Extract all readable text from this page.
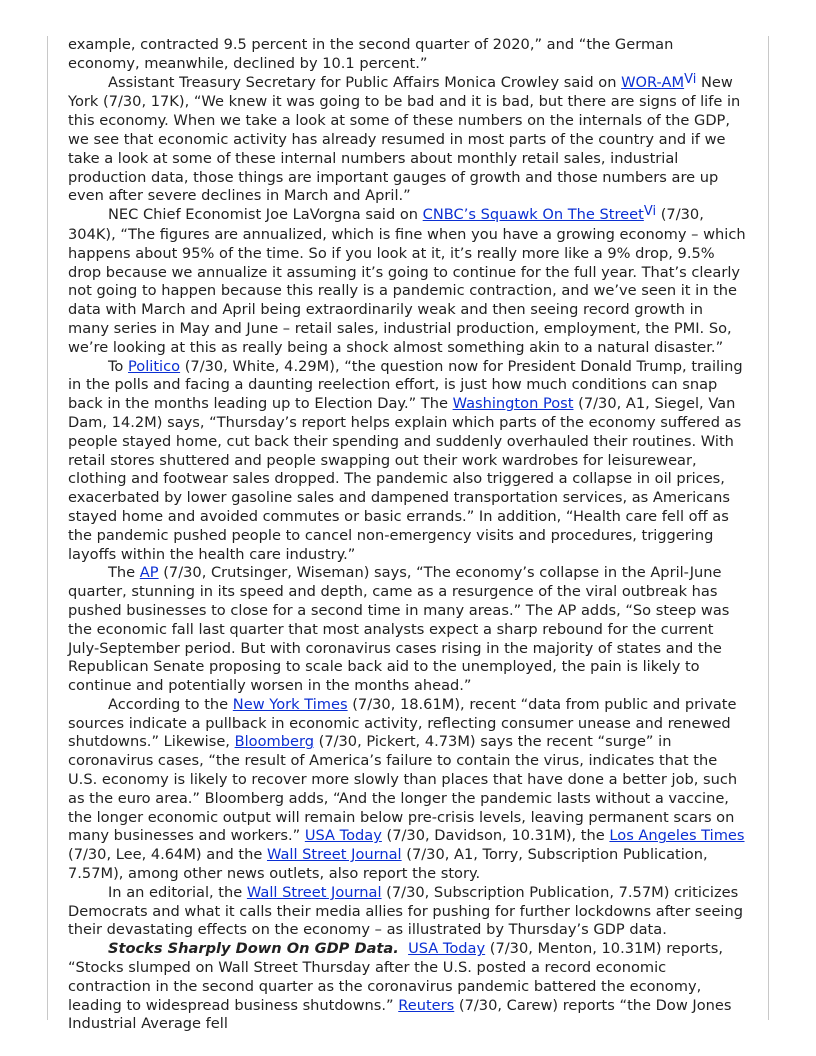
example, contracted 9.5 percent in the second quarter of 2020,” and “the German economy, meanwhile, declined by 10.1 percent.”

Assistant Treasury Secretary for Public Affairs Monica Crowley said on WOR-$AM^{Vi}$ New York (7/30, 17K), “We knew it was going to be bad and it is bad, but there are signs of life in this economy. When we take a look at some of these numbers on the internals of the GDP, we see that economic activity has already resumed in most parts of the country and if we take a look at some of these internal numbers about monthly retail sales, industrial production data, those things are important gauges of growth and those numbers are up even after severe declines in March and April.”

NEC Chief Economist Joe LaVorgna said on CNBC’s Squawk On The Street$^{Vi}$ (7/30, 304K), “The figures are annualized, which is fine when you have a growing economy – which happens about 95% of the time. So if you look at it, it’s really more like a 9% drop, 9.5% drop because we annualize it assuming it’s going to continue for the full year. That’s clearly not going to happen because this really is a pandemic contraction, and we’ve seen it in the data with March and April being extraordinarily weak and then seeing record growth in many series in May and June – retail sales, industrial production, employment, the PMI. So, we’re looking at this as really being a shock almost something akin to a natural disaster.”

To Politico (7/30, White, 4.29M), “the question now for President Donald Trump, trailing in the polls and facing a daunting reelection effort, is just how much conditions can snap back in the months leading up to Election Day.” The Washington Post (7/30, A1, Siegel, Van Dam, 14.2M) says, “Thursday’s report helps explain which parts of the economy suffered as people stayed home, cut back their spending and suddenly overhauled their routines. With retail stores shuttered and people swapping out their work wardrobes for leisurewear, clothing and footwear sales dropped. The pandemic also triggered a collapse in oil prices, exacerbated by lower gasoline sales and dampened transportation services, as Americans stayed home and avoided commutes or basic errands.” In addition, “Health care fell off as the pandemic pushed people to cancel non-emergency visits and procedures, triggering layoffs within the health care industry.”

The AP (7/30, Crutsinger, Wiseman) says, “The economy’s collapse in the April-June quarter, stunning in its speed and depth, came as a resurgence of the viral outbreak has pushed businesses to close for a second time in many areas.” The AP adds, “So steep was the economic fall last quarter that most analysts expect a sharp rebound for the current July-September period. But with coronavirus cases rising in the majority of states and the Republican Senate proposing to scale back aid to the unemployed, the pain is likely to continue and potentially worsen in the months ahead.”

According to the New York Times (7/30, 18.61M), recent “data from public and private sources indicate a pullback in economic activity, reflecting consumer unease and renewed shutdowns.” Likewise, Bloomberg (7/30, Pickert, 4.73M) says the recent “surge” in coronavirus cases, “the result of America’s failure to contain the virus, indicates that the U.S. economy is likely to recover more slowly than places that have done a better job, such as the euro area.” Bloomberg adds, “And the longer the pandemic lasts without a vaccine, the longer economic output will remain below pre-crisis levels, leaving permanent scars on many businesses and workers.” USA Today (7/30, Davidson, 10.31M), the Los Angeles Times (7/30, Lee, 4.64M) and the Wall Street Journal (7/30, A1, Torry, Subscription Publication, 7.57M), among other news outlets, also report the story.

In an editorial, the Wall Street Journal (7/30, Subscription Publication, 7.57M) criticizes Democrats and what it calls their media allies for pushing for further lockdowns after seeing their devastating effects on the economy – as illustrated by Thursday’s GDP data.

Stocks Sharply Down On GDP Data. USA Today (7/30, Menton, 10.31M) reports, “Stocks slumped on Wall Street Thursday after the U.S. posted a record economic contraction in the second quarter as the coronavirus pandemic battered the economy, leading to widespread business shutdowns.” Reuters (7/30, Carew) reports “the Dow Jones Industrial Average fell
